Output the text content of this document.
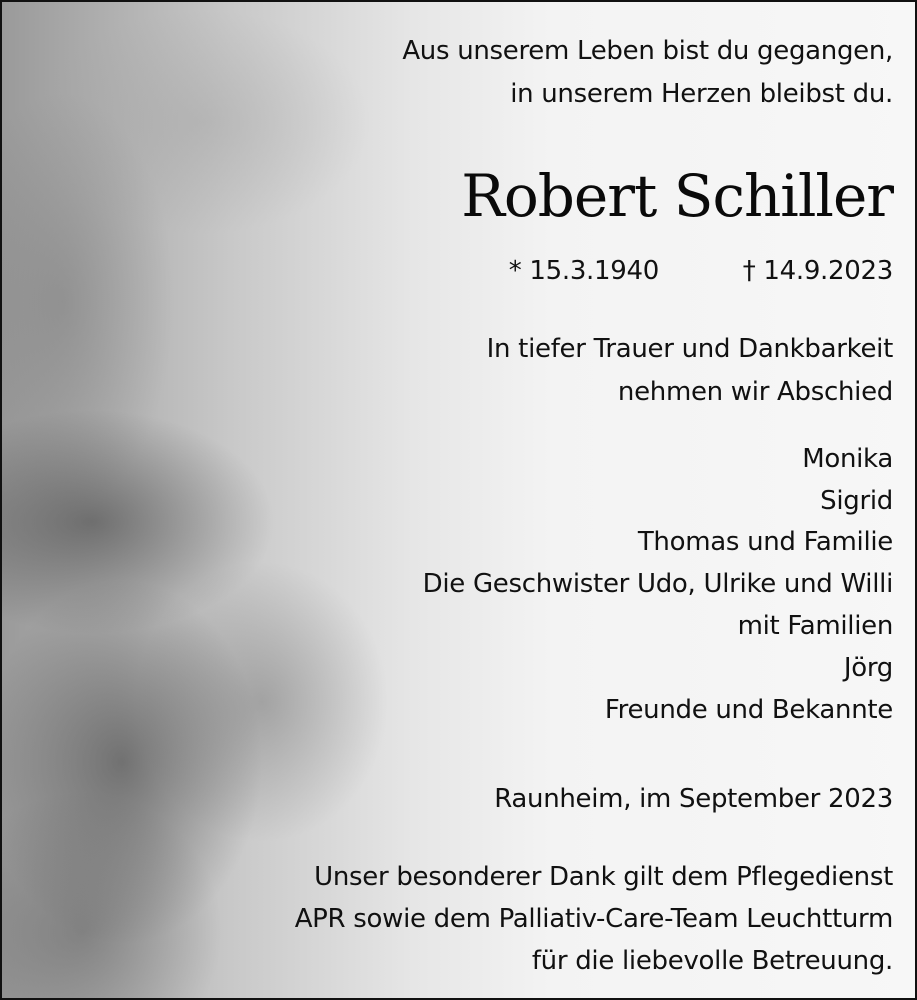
Aus unserem Leben bist du gegangen,
in unserem Herzen bleibst du.
Robert Schiller
† 14.9.2023
* 15.3.1940
In tiefer Trauer und Dankbarkeit
nehmen wir Abschied
Monika
Sigrid
Thomas und Familie
Die Geschwister Udo, Ulrike und Willi
mit Familien
Jörg
Freunde und Bekannte
Raunheim, im September 2023
Unser besonderer Dank gilt dem Pflegedienst
APR sowie dem Palliativ-Care-Team Leuchtturm
für die liebevolle Betreuung.
